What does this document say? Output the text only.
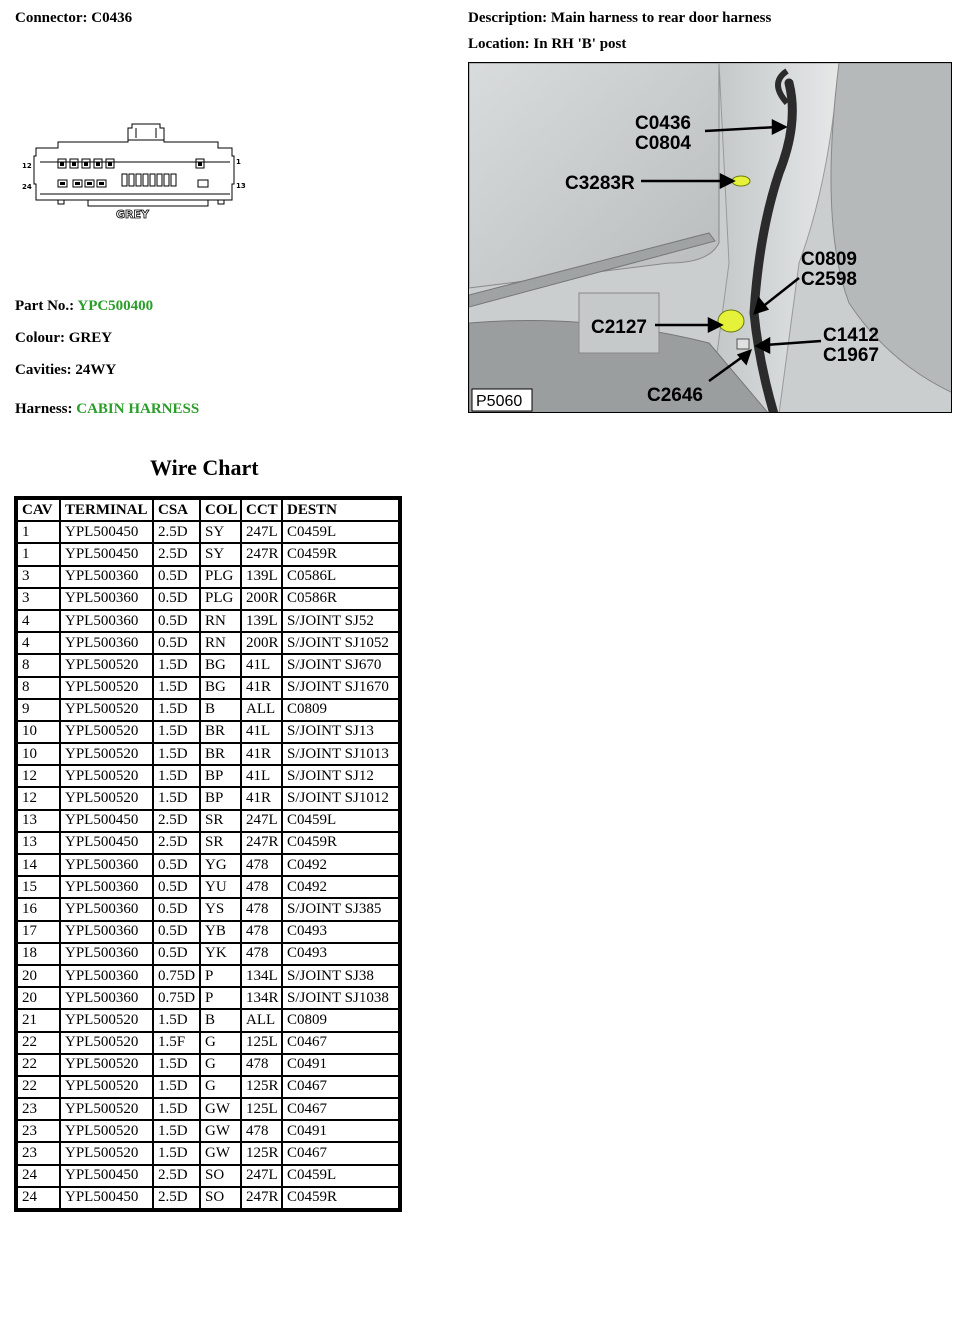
Connector: C0436	Description: Main harness to rear door harness
Location: In RH 'B' post
12	1
24	13
GREY
C0436
C0804
C3283R
C0809
C2598
C2127	C1412
C1967
C2646
P5060
Part No.: YPC500400
Colour: GREY
Cavities: 24WY
Harness: CABIN HARNESS
Wire Chart
CAV	TERMINAL	CSA	COL	CCT	DESTN
1	YPL500450	2.5D	SY	247L	C0459L
1	YPL500450	2.5D	SY	247R	C0459R
3	YPL500360	0.5D	PLG	139L	C0586L
3	YPL500360	0.5D	PLG	200R	C0586R
4	YPL500360	0.5D	RN	139L	S/JOINT SJ52
4	YPL500360	0.5D	RN	200R	S/JOINT SJ1052
8	YPL500520	1.5D	BG	41L	S/JOINT SJ670
8	YPL500520	1.5D	BG	41R	S/JOINT SJ1670
9	YPL500520	1.5D	B	ALL	C0809
10	YPL500520	1.5D	BR	41L	S/JOINT SJ13
10	YPL500520	1.5D	BR	41R	S/JOINT SJ1013
12	YPL500520	1.5D	BP	41L	S/JOINT SJ12
12	YPL500520	1.5D	BP	41R	S/JOINT SJ1012
13	YPL500450	2.5D	SR	247L	C0459L
13	YPL500450	2.5D	SR	247R	C0459R
14	YPL500360	0.5D	YG	478	C0492
15	YPL500360	0.5D	YU	478	C0492
16	YPL500360	0.5D	YS	478	S/JOINT SJ385
17	YPL500360	0.5D	YB	478	C0493
18	YPL500360	0.5D	YK	478	C0493
20	YPL500360	0.75D	P	134L	S/JOINT SJ38
20	YPL500360	0.75D	P	134R	S/JOINT SJ1038
21	YPL500520	1.5D	B	ALL	C0809
22	YPL500520	1.5F	G	125L	C0467
22	YPL500520	1.5D	G	478	C0491
22	YPL500520	1.5D	G	125R	C0467
23	YPL500520	1.5D	GW	125L	C0467
23	YPL500520	1.5D	GW	478	C0491
23	YPL500520	1.5D	GW	125R	C0467
24	YPL500450	2.5D	SO	247L	C0459L
24	YPL500450	2.5D	SO	247R	C0459R
